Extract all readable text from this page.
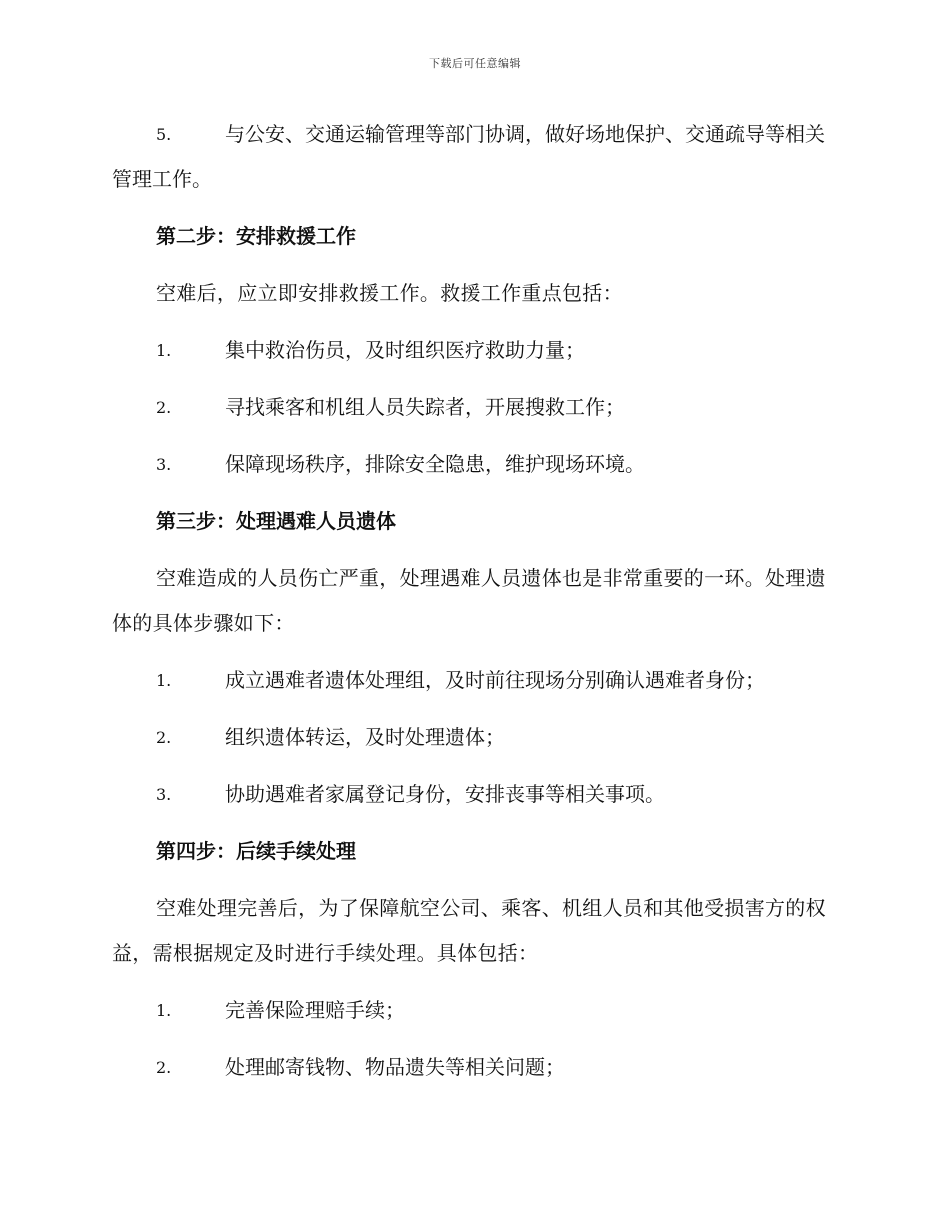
下载后可任意编辑
5.	与公安、交通运输管理等部门协调，做好场地保护、交通疏导等相关管理工作。
第二步：安排救援工作
空难后，应立即安排救援工作。救援工作重点包括：
1.	集中救治伤员，及时组织医疗救助力量；
2.	寻找乘客和机组人员失踪者，开展搜救工作；
3.	保障现场秩序，排除安全隐患，维护现场环境。
第三步：处理遇难人员遗体
空难造成的人员伤亡严重，处理遇难人员遗体也是非常重要的一环。处理遗体的具体步骤如下：
1.	成立遇难者遗体处理组，及时前往现场分别确认遇难者身份；
2.	组织遗体转运，及时处理遗体；
3.	协助遇难者家属登记身份，安排丧事等相关事项。
第四步：后续手续处理
空难处理完善后，为了保障航空公司、乘客、机组人员和其他受损害方的权益，需根据规定及时进行手续处理。具体包括：
1.	完善保险理赔手续；
2.	处理邮寄钱物、物品遗失等相关问题；
